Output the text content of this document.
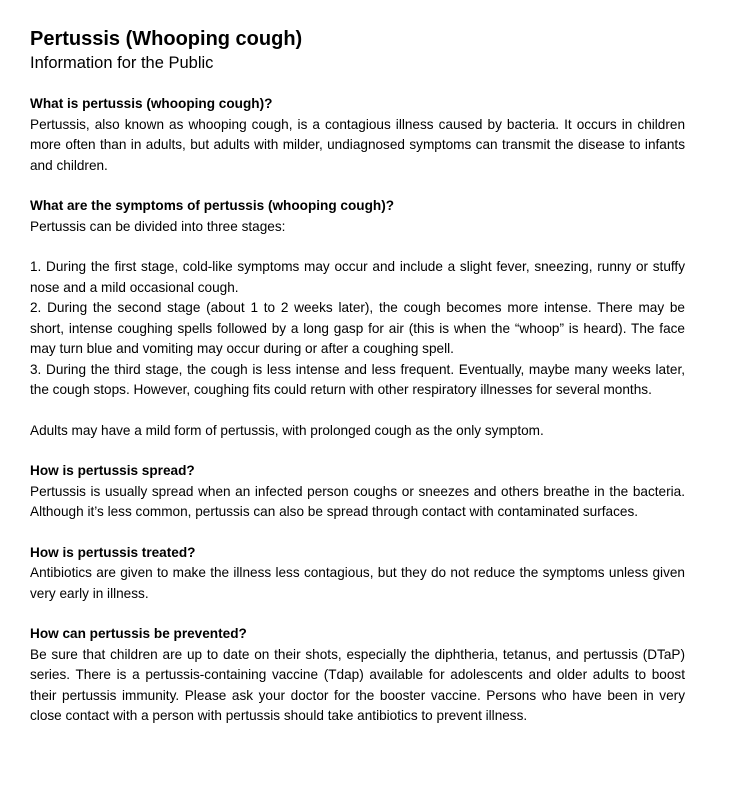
Pertussis (Whooping cough)
Information for the Public
What is pertussis (whooping cough)?

Pertussis, also known as whooping cough, is a contagious illness caused by bacteria. It occurs in children more often than in adults, but adults with milder, undiagnosed symptoms can transmit the disease to infants and children.

What are the symptoms of pertussis (whooping cough)?

Pertussis can be divided into three stages:

1. During the first stage, cold-like symptoms may occur and include a slight fever, sneezing, runny or stuffy nose and a mild occasional cough.
2. During the second stage (about 1 to 2 weeks later), the cough becomes more intense. There may be short, intense coughing spells followed by a long gasp for air (this is when the “whoop” is heard). The face may turn blue and vomiting may occur during or after a coughing spell.
3. During the third stage, the cough is less intense and less frequent. Eventually, maybe many weeks later, the cough stops. However, coughing fits could return with other respiratory illnesses for several months.

Adults may have a mild form of pertussis, with prolonged cough as the only symptom.

How is pertussis spread?

Pertussis is usually spread when an infected person coughs or sneezes and others breathe in the bacteria. Although it’s less common, pertussis can also be spread through contact with contaminated surfaces.

How is pertussis treated?

Antibiotics are given to make the illness less contagious, but they do not reduce the symptoms unless given very early in illness.

How can pertussis be prevented?

Be sure that children are up to date on their shots, especially the diphtheria, tetanus, and pertussis (DTaP) series. There is a pertussis-containing vaccine (Tdap) available for adolescents and older adults to boost their pertussis immunity. Please ask your doctor for the booster vaccine. Persons who have been in very close contact with a person with pertussis should take antibiotics to prevent illness.
